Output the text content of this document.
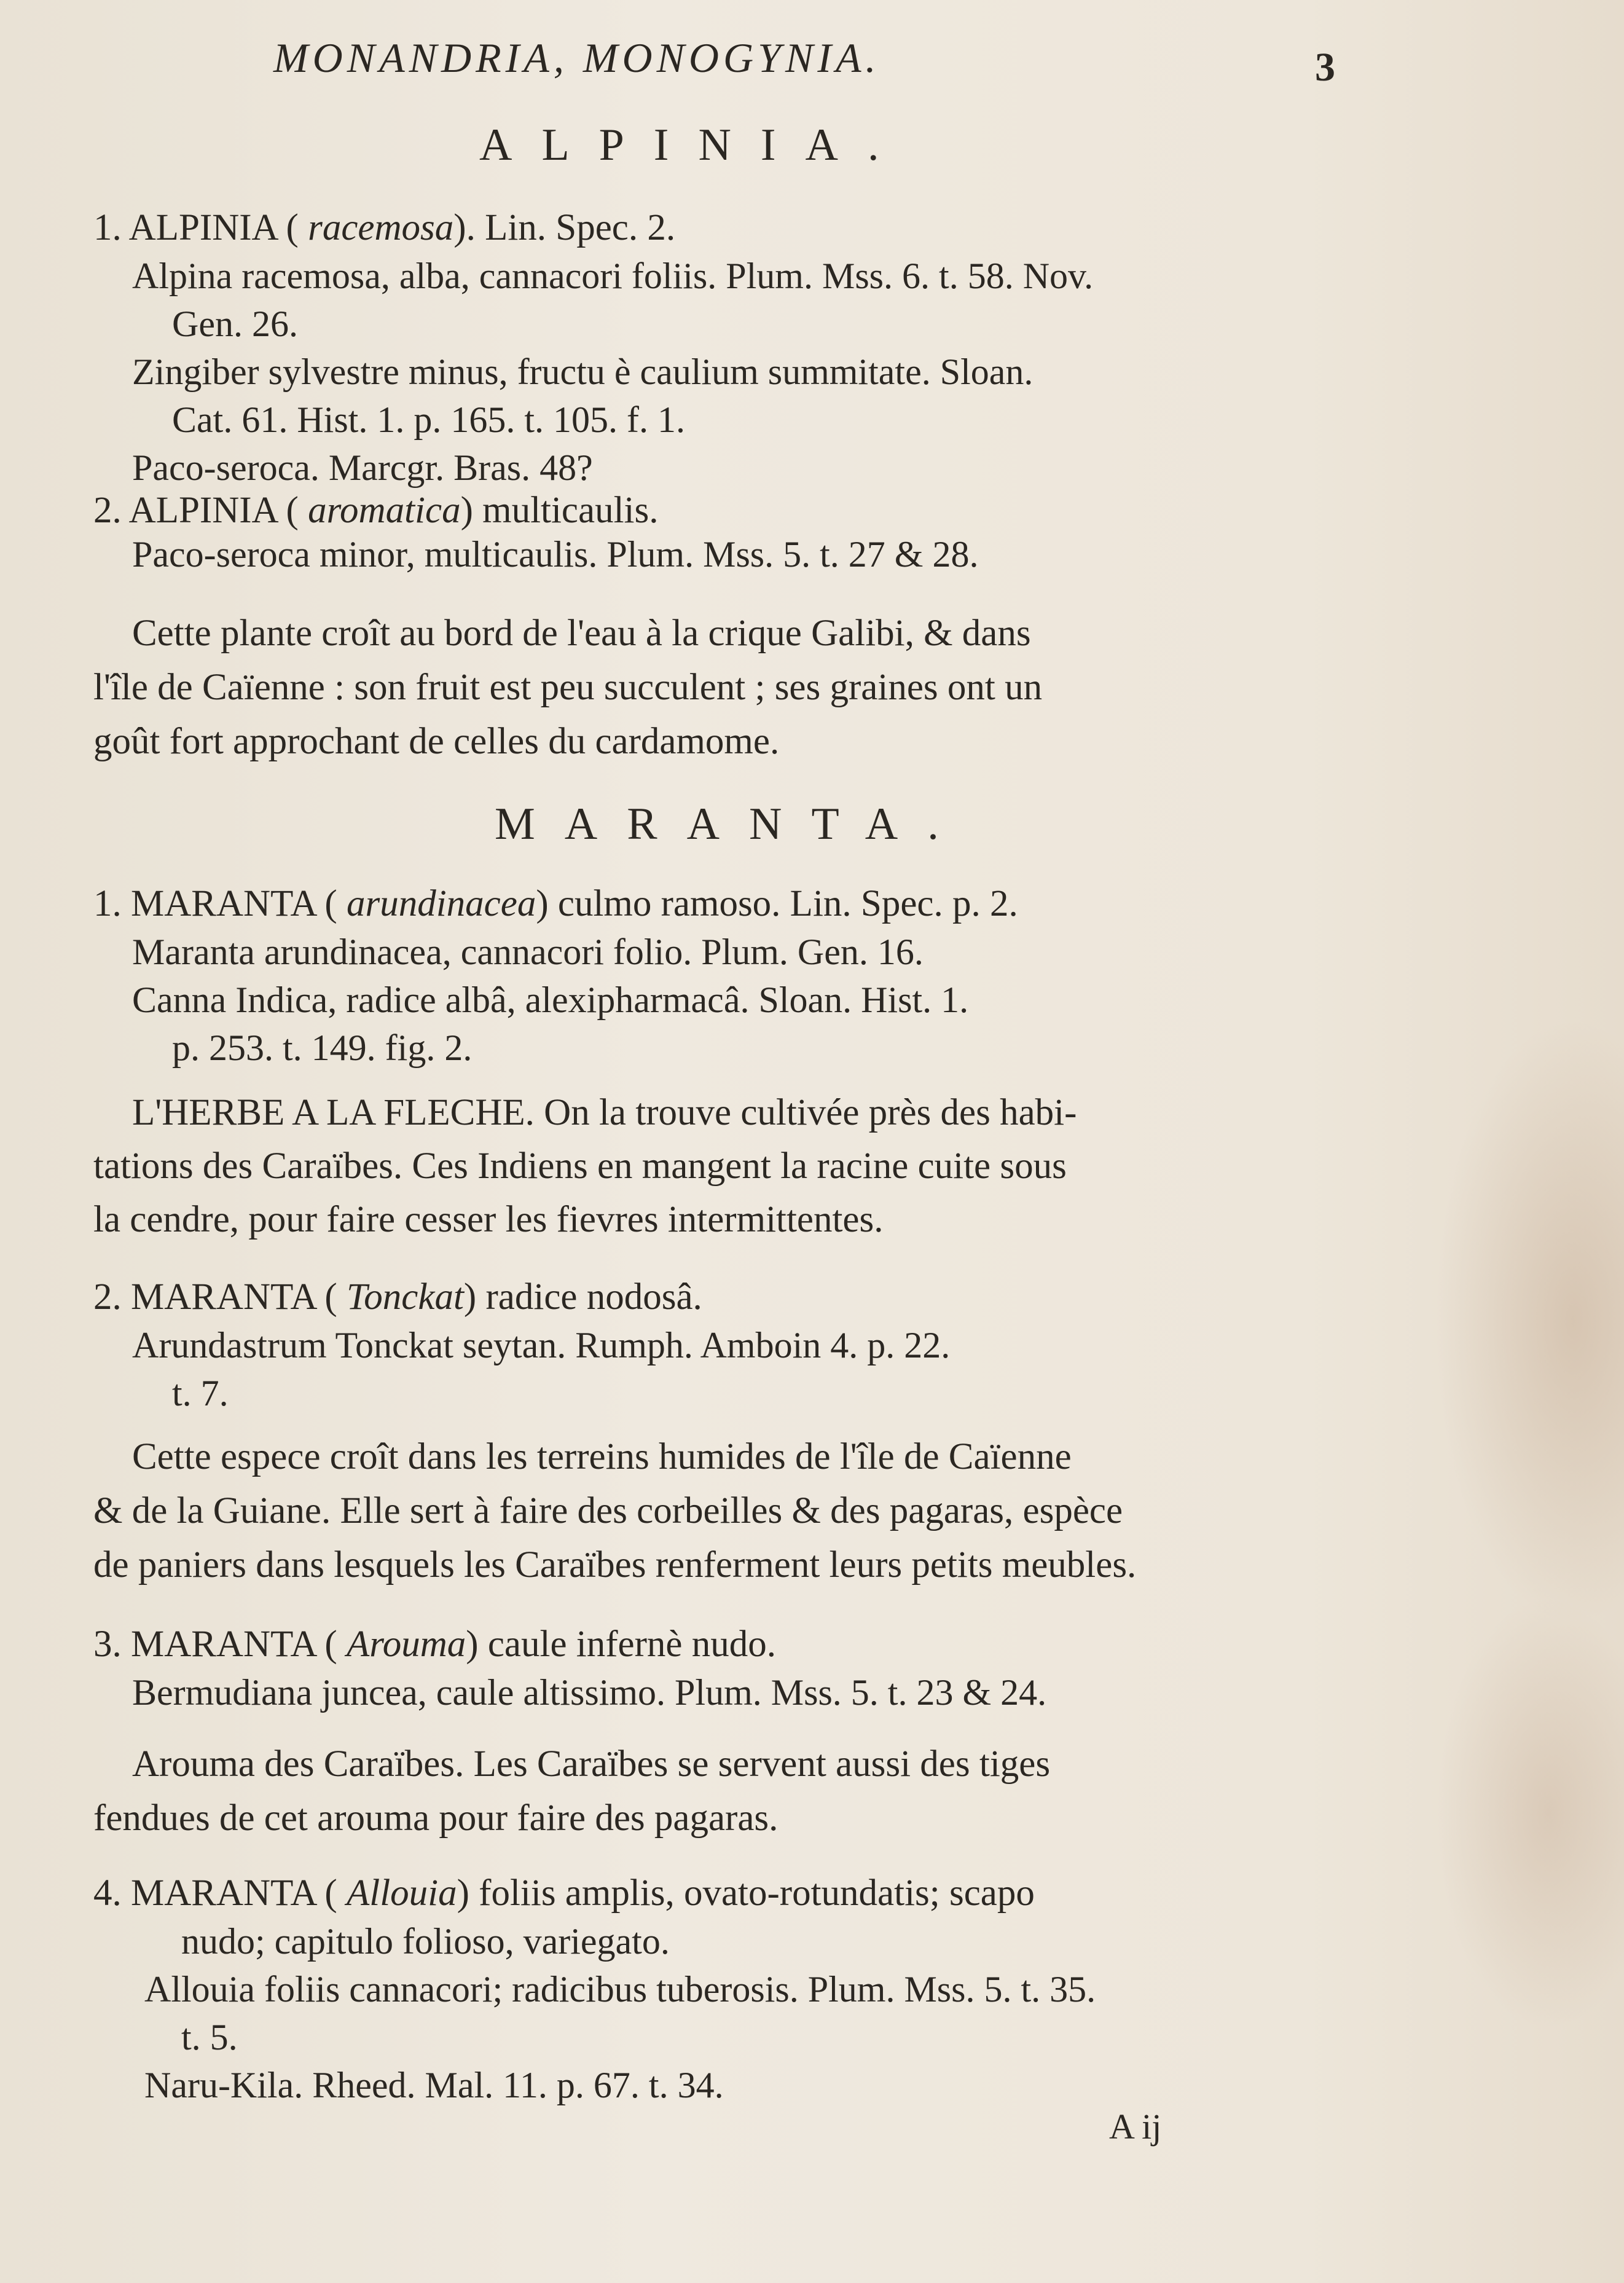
MONANDRIA, MONOGYNIA.	3
ALPINIA.
1. ALPINIA ( racemosa). Lin. Spec. 2.
Alpina racemosa, alba, cannacori foliis. Plum. Mss. 6. t. 58. Nov.
Gen. 26.
Zingiber sylvestre minus, fructu è caulium summitate. Sloan.
Cat. 61. Hist. 1. p. 165. t. 105. f. 1.
Paco-seroca. Marcgr. Bras. 48?
2. ALPINIA ( aromatica) multicaulis.
Paco-seroca minor, multicaulis. Plum. Mss. 5. t. 27 & 28.
Cette plante croît au bord de l'eau à la crique Galibi, & dans
l'île de Caïenne : son fruit est peu succulent ; ses graines ont un
goût fort approchant de celles du cardamome.
MARANTA.
1. MARANTA ( arundinacea) culmo ramoso. Lin. Spec. p. 2.
Maranta arundinacea, cannacori folio. Plum. Gen. 16.
Canna Indica, radice albâ, alexipharmacâ. Sloan. Hist. 1.
p. 253. t. 149. fig. 2.
L'HERBE A LA FLECHE. On la trouve cultivée près des habi-
tations des Caraïbes. Ces Indiens en mangent la racine cuite sous
la cendre, pour faire cesser les fievres intermittentes.
2. MARANTA ( Tonckat) radice nodosâ.
Arundastrum Tonckat seytan. Rumph. Amboin 4. p. 22.
t. 7.
Cette espece croît dans les terreins humides de l'île de Caïenne
& de la Guiane. Elle sert à faire des corbeilles & des pagaras, espèce
de paniers dans lesquels les Caraïbes renferment leurs petits meubles.
3. MARANTA ( Arouma) caule infernè nudo.
Bermudiana juncea, caule altissimo. Plum. Mss. 5. t. 23 & 24.
Arouma des Caraïbes. Les Caraïbes se servent aussi des tiges
fendues de cet arouma pour faire des pagaras.
4. MARANTA ( Allouia) foliis amplis, ovato-rotundatis; scapo
nudo; capitulo folioso, variegato.
Allouia foliis cannacori; radicibus tuberosis. Plum. Mss. 5. t. 35.
t. 5.
Naru-Kila. Rheed. Mal. 11. p. 67. t. 34.
A ij
